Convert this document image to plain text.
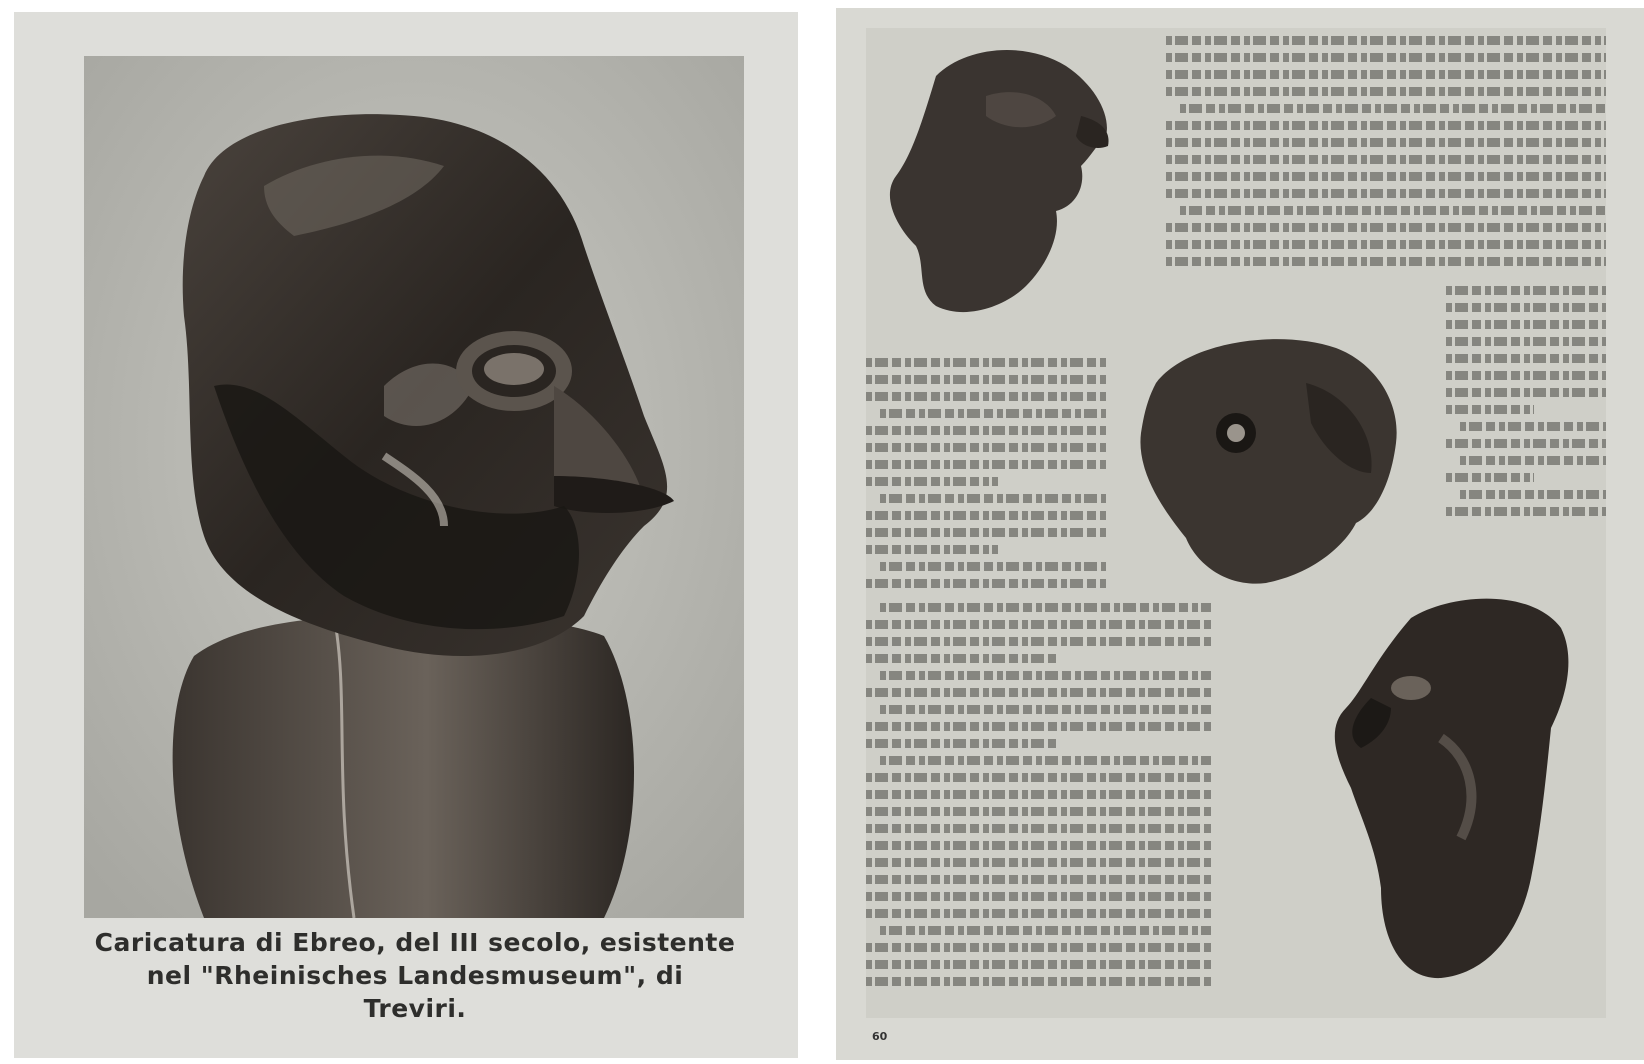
Caricatura di Ebreo, del III secolo, esistente
nel "Rheinisches Landesmuseum", di
Treviri.
60
